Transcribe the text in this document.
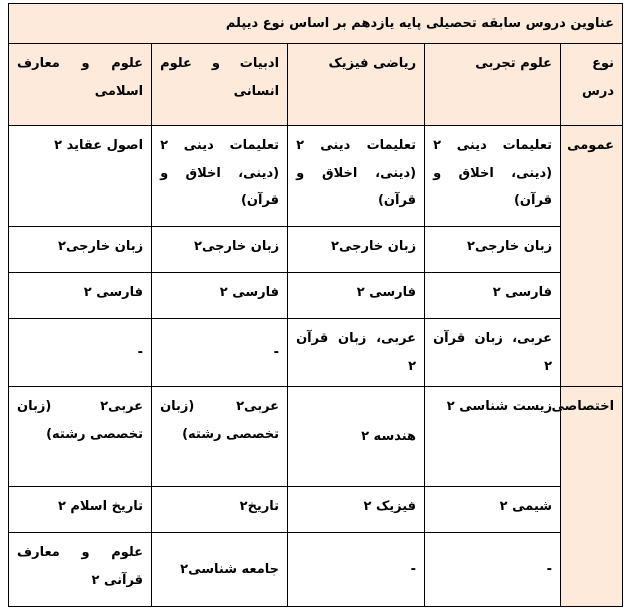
عناوین دروس سابقه تحصیلی پایه یازدهم بر اساس نوع دیپلم				
نوع درس	علوم تجربی	ریاضی فیزیک	ادبیات و علوم انسانی	علوم و معارف اسلامی
عمومی	تعلیمات دینی ۲ (دینی، اخلاق و قرآن)	تعلیمات دینی ۲ (دینی، اخلاق و قرآن)	تعلیمات دینی ۲ (دینی، اخلاق و قرآن)	اصول عقاید ۲
	زبان خارجی۲	زبان خارجی۲	زبان خارجی۲	زبان خارجی۲
	فارسی ۲	فارسی ۲	فارسی ۲	فارسی ۲
	عربی، زبان قرآن ۲	عربی، زبان قرآن ۲	-	-
اختصاصی	زیست شناسی ۲	هندسه ۲	عربی۲ (زبان تخصصی رشته)	عربی۲ (زبان تخصصی رشته)
	شیمی ۲	فیزیک ۲	تاریخ۲	تاریخ اسلام ۲
	-	-	جامعه شناسی۲	علوم و معارف قرآنی ۲
